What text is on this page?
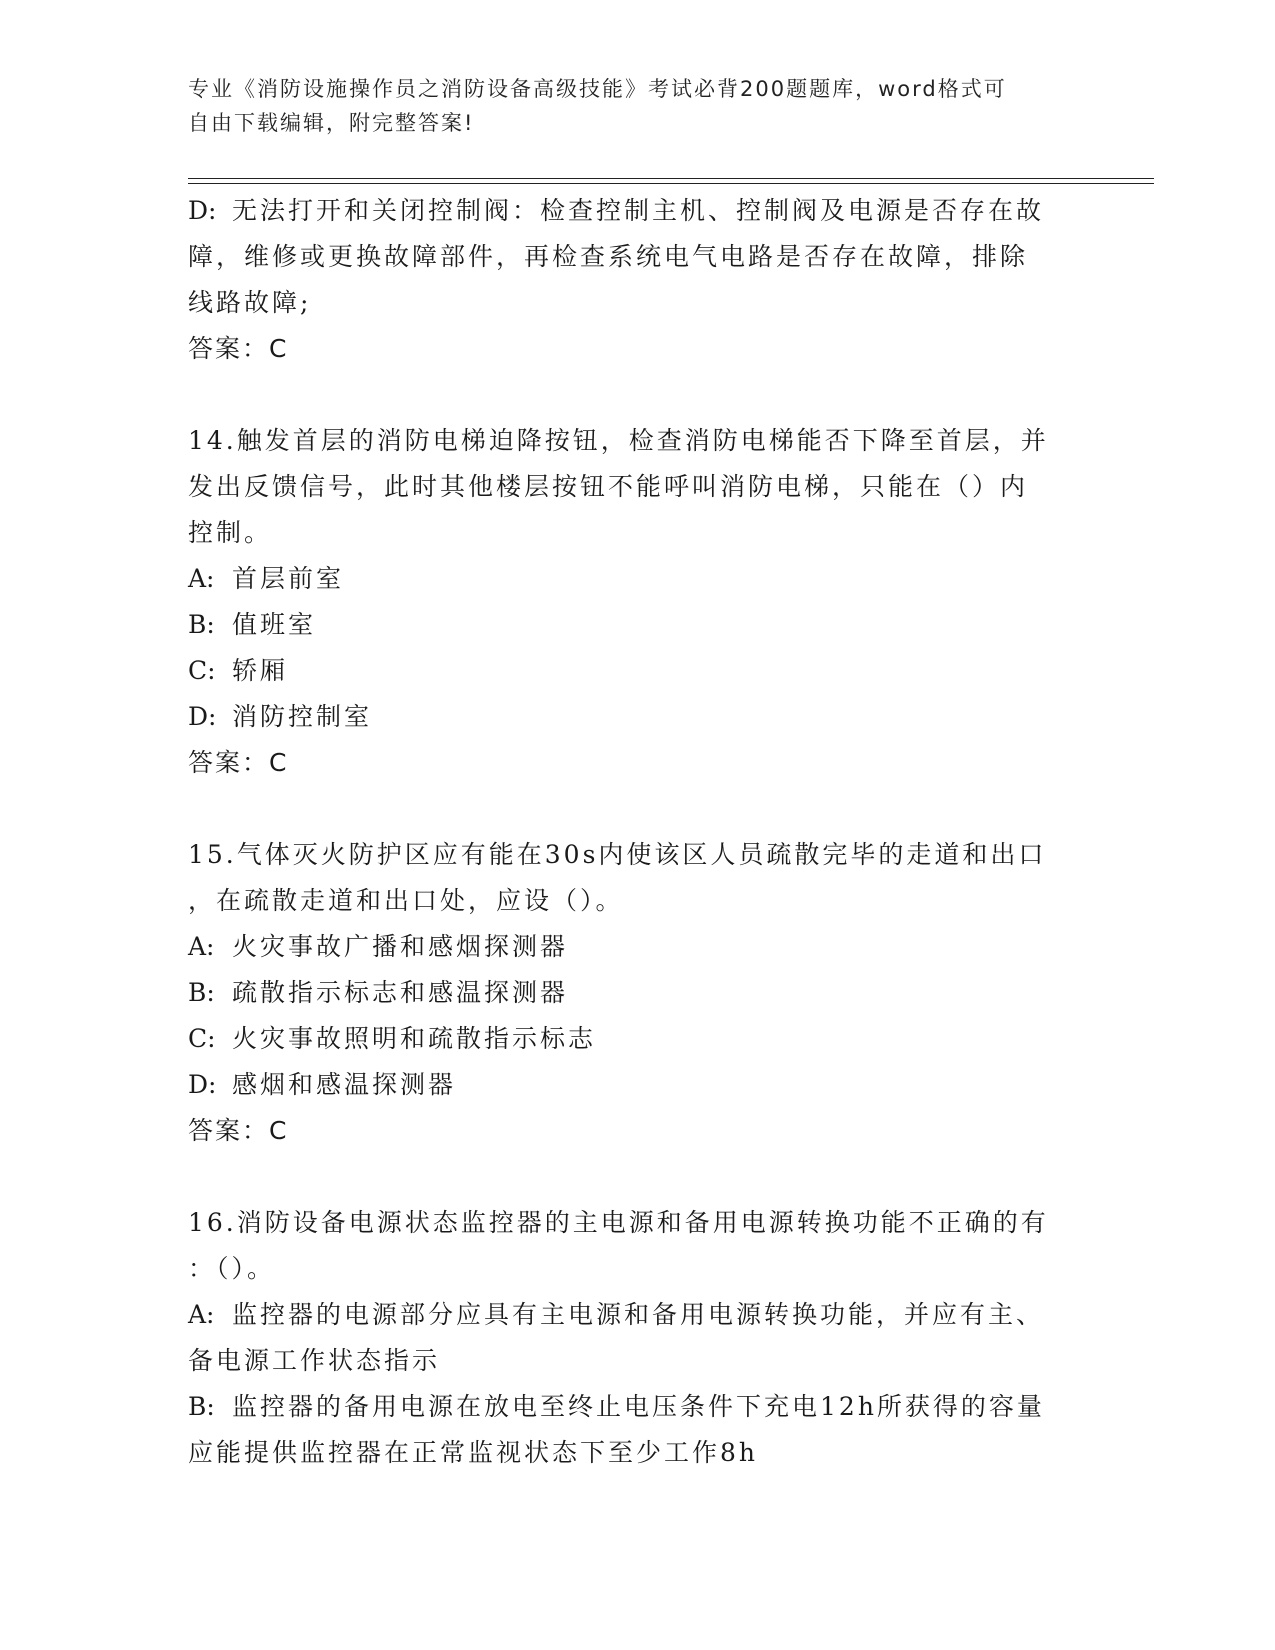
专业《消防设施操作员之消防设备高级技能》考试必背200题题库，word格式可
自由下载编辑，附完整答案!

D: 无法打开和关闭控制阀：检查控制主机、控制阀及电源是否存在故

障，维修或更换故障部件，再检查系统电气电路是否存在故障，排除

线路故障;

答案：C

14.触发首层的消防电梯迫降按钮，检查消防电梯能否下降至首层，并

发出反馈信号，此时其他楼层按钮不能呼叫消防电梯，只能在（）内

控制。

A: 首层前室

B: 值班室

C: 轿厢

D: 消防控制室

答案：C

15.气体灭火防护区应有能在30s内使该区人员疏散完毕的走道和出口

，在疏散走道和出口处，应设（）。

A: 火灾事故广播和感烟探测器

B: 疏散指示标志和感温探测器

C: 火灾事故照明和疏散指示标志

D: 感烟和感温探测器

答案：C

16.消防设备电源状态监控器的主电源和备用电源转换功能不正确的有

：（）。

A: 监控器的电源部分应具有主电源和备用电源转换功能，并应有主、

备电源工作状态指示

B: 监控器的备用电源在放电至终止电压条件下充电12h所获得的容量

应能提供监控器在正常监视状态下至少工作8h
